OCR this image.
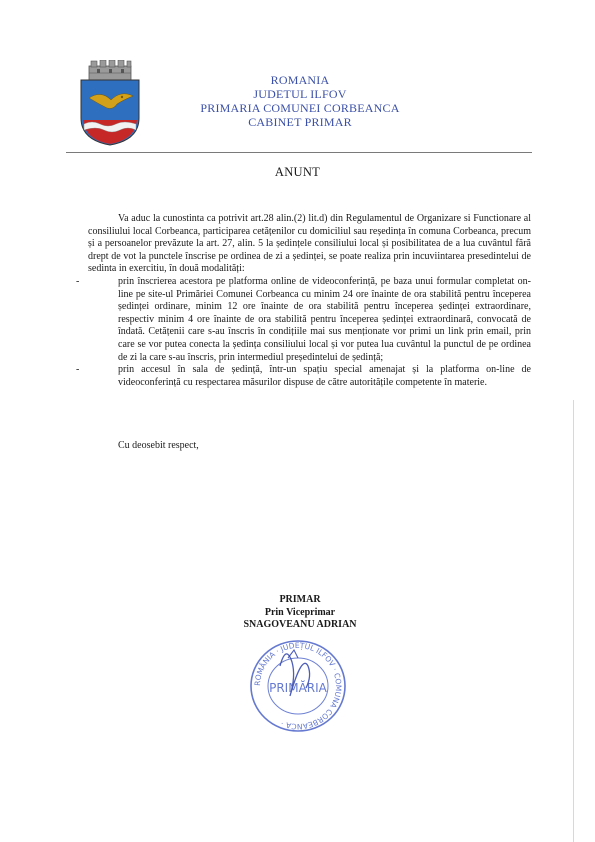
ROMANIA
JUDETUL ILFOV
PRIMARIA COMUNEI CORBEANCA
CABINET PRIMAR
ANUNT

Va aduc la cunostinta ca potrivit art.28 alin.(2) lit.d) din Regulamentul de Organizare si Functionare al consiliului local Corbeanca, participarea cetățenilor cu domiciliul sau reședința în comuna Corbeanca, precum și a persoanelor prevăzute la art. 27, alin. 5 la ședințele consiliului local și posibilitatea de a lua cuvântul fără drept de vot la punctele înscrise pe ordinea de zi a ședinței, se poate realiza prin incuviintarea presedintelui de sedinta in exercitiu, în două modalități:

-	prin înscrierea acestora pe platforma online de videoconferință, pe baza unui formular completat on-line pe site-ul Primăriei Comunei Corbeanca cu minim 24 ore înainte de ora stabilită pentru începerea ședinței ordinare, minim 12 ore înainte de ora stabilită pentru începerea ședinței extraordinare, respectiv minim 4 ore înainte de ora stabilită pentru începerea ședinței extraordinară, convocată de îndată. Cetățenii care s-au înscris în condițiile mai sus menționate vor primi un link prin email, prin care se vor putea conecta la ședința consiliului local și vor putea lua cuvântul la punctul de pe ordinea de zi la care s-au înscris, prin intermediul președintelui de ședință;
-	prin accesul în sala de ședință, într-un spațiu special amenajat și la platforma on-line de videoconferință cu respectarea măsurilor dispuse de către autoritățile competente în materie.
Cu deosebit respect,
PRIMAR
Prin Viceprimar
SNAGOVEANU ADRIAN
ROMÂNIA · JUDEȚUL ILFOV · COMUNA CORBEANCA ·
PRIMĂRIA
